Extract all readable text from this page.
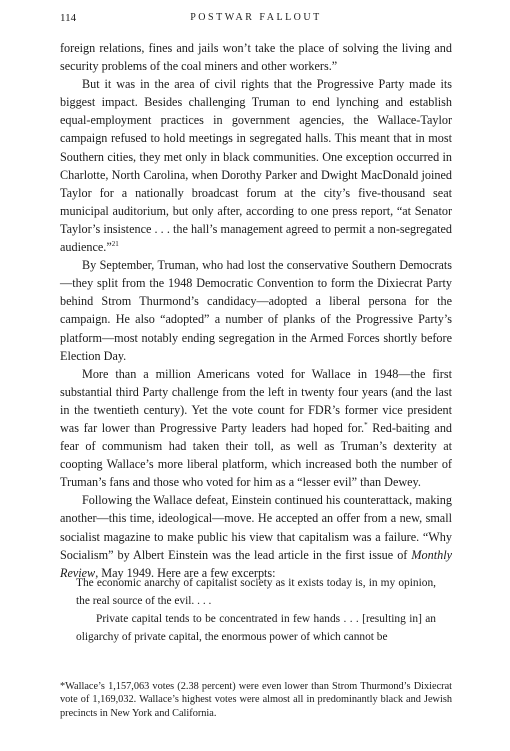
114	POSTWAR FALLOUT

foreign relations, fines and jails won’t take the place of solving the living and security problems of the coal miners and other workers.”

But it was in the area of civil rights that the Progressive Party made its biggest impact. Besides challenging Truman to end lynching and establish equal-employment practices in government agencies, the Wallace-Taylor campaign refused to hold meetings in segregated halls. This meant that in most Southern cities, they met only in black communities. One exception occurred in Charlotte, North Carolina, when Dorothy Parker and Dwight MacDonald joined Taylor for a nationally broadcast forum at the city’s five-thousand seat municipal auditorium, but only after, according to one press report, “at Senator Taylor’s insistence . . . the hall’s management agreed to permit a non-segregated audience.”$^{21}$

By September, Truman, who had lost the conservative Southern Democrats—they split from the 1948 Democratic Convention to form the Dixiecrat Party behind Strom Thurmond’s candidacy—adopted a liberal persona for the campaign. He also “adopted” a number of planks of the Progressive Party’s platform—most notably ending segregation in the Armed Forces shortly before Election Day.

More than a million Americans voted for Wallace in 1948—the first substantial third Party challenge from the left in twenty four years (and the last in the twentieth century). Yet the vote count for FDR’s former vice president was far lower than Progressive Party leaders had hoped for.* Red-baiting and fear of communism had taken their toll, as well as Truman’s dexterity at coopting Wallace’s more liberal platform, which increased both the number of Truman’s fans and those who voted for him as a “lesser evil” than Dewey.

Following the Wallace defeat, Einstein continued his counterattack, making another—this time, ideological—move. He accepted an offer from a new, small socialist magazine to make public his view that capitalism was a failure. “Why Socialism” by Albert Einstein was the lead article in the first issue of Monthly Review, May 1949. Here are a few excerpts:

The economic anarchy of capitalist society as it exists today is, in my opinion, the real source of the evil. . . .

Private capital tends to be concentrated in few hands . . . [resulting in] an oligarchy of private capital, the enormous power of which cannot be

*Wallace’s 1,157,063 votes (2.38 percent) were even lower than Strom Thurmond’s Dixiecrat vote of 1,169,032. Wallace’s highest votes were almost all in predominantly black and Jewish precincts in New York and California.
